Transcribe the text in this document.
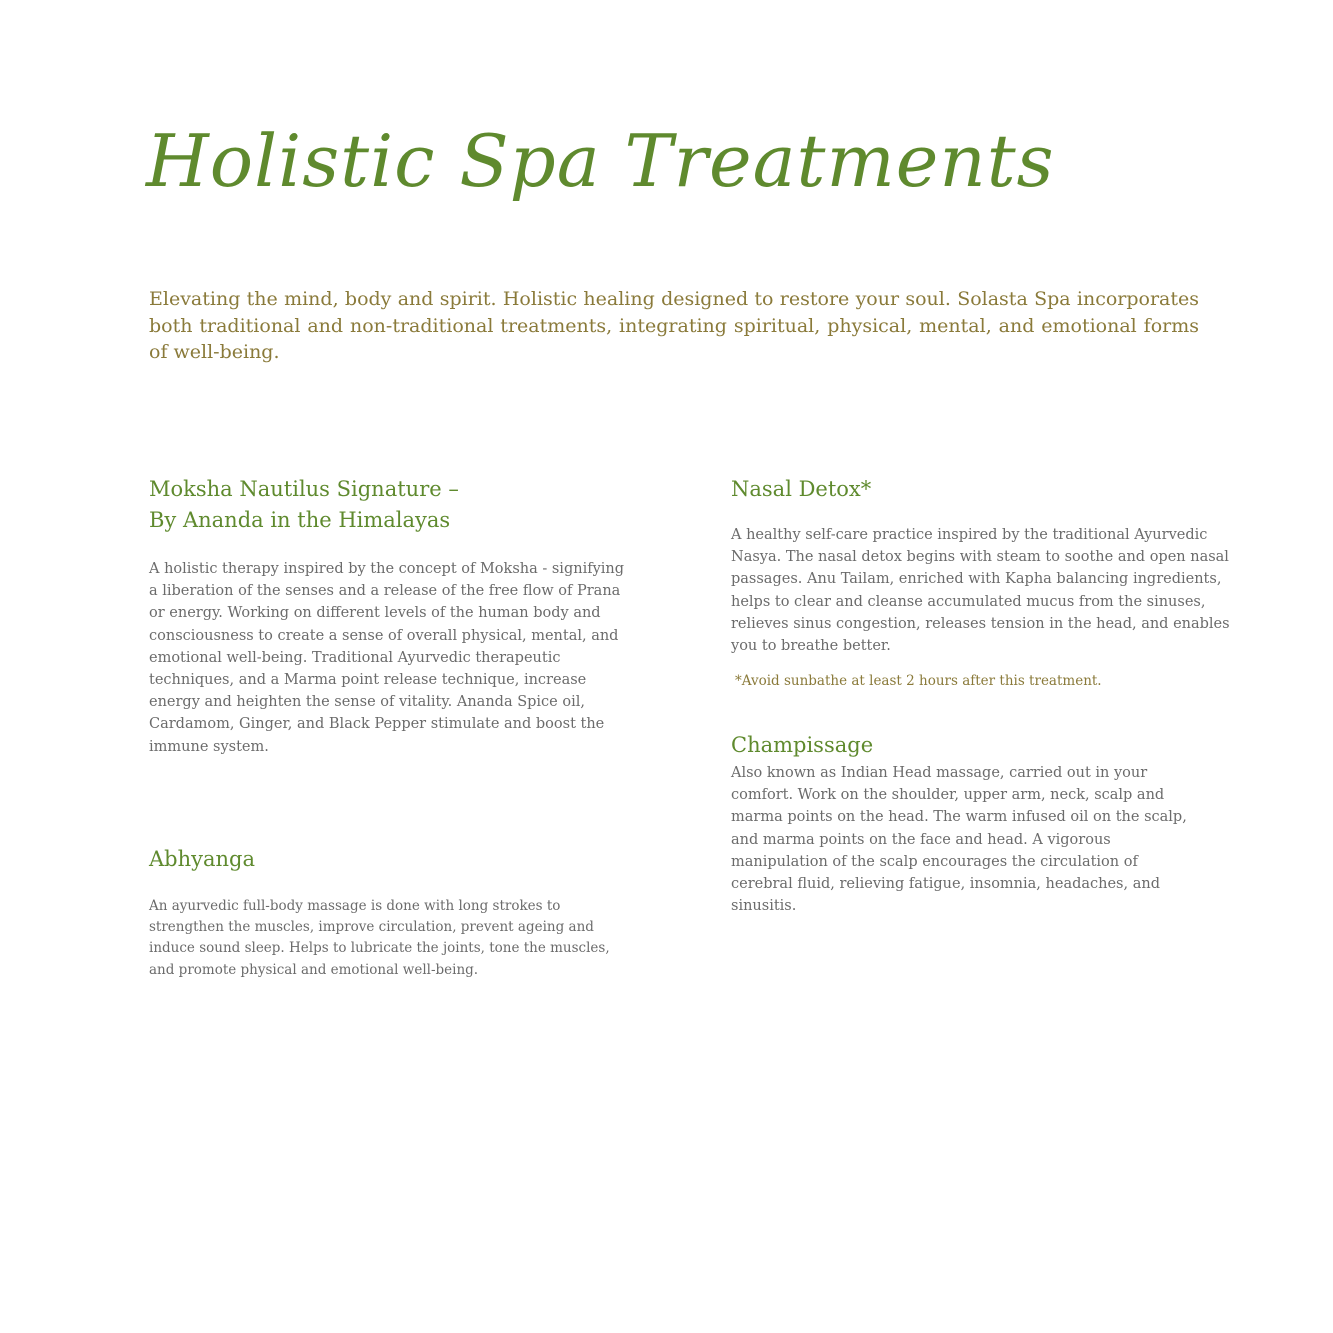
Holistic Spa Treatments

Elevating the mind, body and spirit. Holistic healing designed to restore your soul. Solasta Spa incorporates both traditional and non-traditional treatments, integrating spiritual, physical, mental, and emotional forms of well-being.

Moksha Nautilus Signature –
By Ananda in the Himalayas

A holistic therapy inspired by the concept of Moksha - signifying a liberation of the senses and a release of the free flow of Prana or energy. Working on different levels of the human body and consciousness to create a sense of overall physical, mental, and emotional well-being. Traditional Ayurvedic therapeutic techniques, and a Marma point release technique, increase energy and heighten the sense of vitality. Ananda Spice oil, Cardamom, Ginger, and Black Pepper stimulate and boost the immune system.

Abhyanga

An ayurvedic full-body massage is done with long strokes to strengthen the muscles, improve circulation, prevent ageing and induce sound sleep. Helps to lubricate the joints, tone the muscles, and promote physical and emotional well-being.

Nasal Detox*

A healthy self-care practice inspired by the traditional Ayurvedic Nasya. The nasal detox begins with steam to soothe and open nasal passages. Anu Tailam, enriched with Kapha balancing ingredients, helps to clear and cleanse accumulated mucus from the sinuses, relieves sinus congestion, releases tension in the head, and enables you to breathe better.

*Avoid sunbathe at least 2 hours after this treatment.

Champissage

Also known as Indian Head massage, carried out in your comfort. Work on the shoulder, upper arm, neck, scalp and marma points on the head. The warm infused oil on the scalp, and marma points on the face and head. A vigorous manipulation of the scalp encourages the circulation of cerebral fluid, relieving fatigue, insomnia, headaches, and sinusitis.
